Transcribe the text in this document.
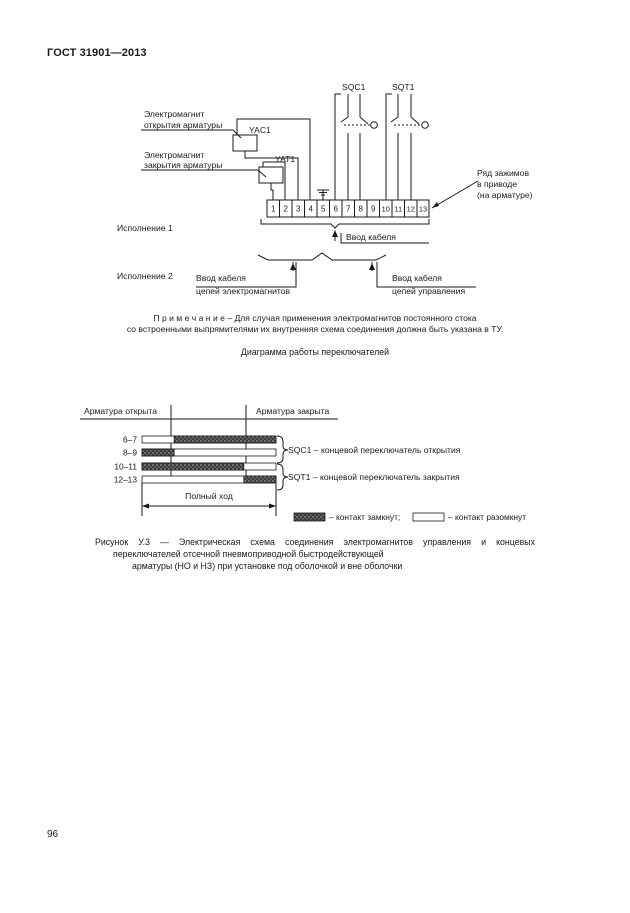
ГОСТ 31901—2013
Электромагнит
открытия арматуры
Электромагнит
закрытия арматуры
YAC1
YAT1
SQC1	SQT1
Ряд зажимов
в приводе
(на арматуре)
Исполнение 1
Исполнение 2
Ввод кабеля
Ввод кабеля
цепей электромагнитов
Ввод кабеля
цепей управления
1 2 3 4 5 6 7 8 9 10 11 12 13
Диаграмма работы переключателей
Арматура открыта	Арматура закрыта
SQC1 – концевой переключатель открытия
SQT1 – концевой переключатель закрытия
Полный ход
6–7
8–9
10–11
12–13
– контакт замкнут;	– контакт разомкнут
П р и м е ч а н и е – Для случая применения электромагнитов постоянного стока
со встроенными выпрямителями их внутренняя схема соединения должна быть указана в ТУ.
Рисунок У.3 — Электрическая схема соединения электромагнитов управления и концевых
переключателей отсечной пневмоприводной быстродействующей
арматуры (НО и НЗ) при установке под оболочкой и вне оболочки
96
